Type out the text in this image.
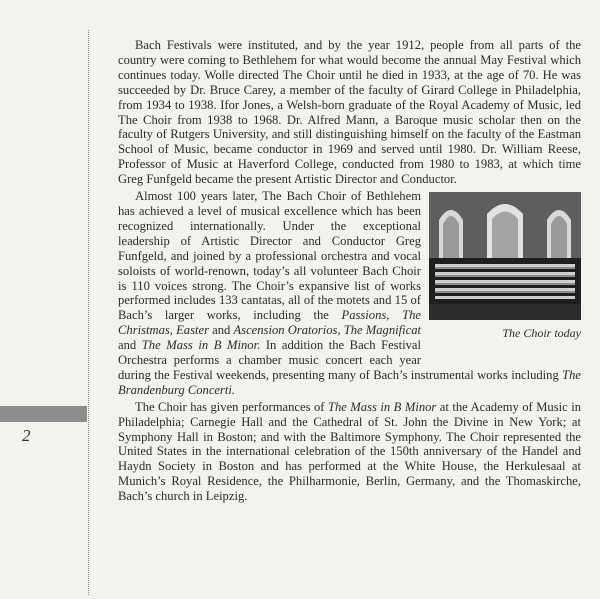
2

Bach Festivals were instituted, and by the year 1912, people from all parts of the country were coming to Bethlehem for what would become the annual May Festival which continues today. Wolle directed The Choir until he died in 1933, at the age of 70. He was succeeded by Dr. Bruce Carey, a member of the faculty of Girard College in Philadelphia, from 1934 to 1938. Ifor Jones, a Welsh-born graduate of the Royal Academy of Music, led The Choir from 1938 to 1968. Dr. Alfred Mann, a Baroque music scholar then on the faculty of Rutgers University, and still distinguishing himself on the faculty of the Eastman School of Music, became conductor in 1969 and served until 1980. Dr. William Reese, Professor of Music at Haverford College, conducted from 1980 to 1983, at which time Greg Funfgeld became the present Artistic Director and Conductor.

The Choir today
Almost 100 years later, The Bach Choir of Bethlehem has achieved a level of musical excellence which has been recognized internationally. Under the exceptional leadership of Artistic Director and Conductor Greg Funfgeld, and joined by a professional orchestra and vocal soloists of world-renown, today’s all volunteer Bach Choir is 110 voices strong. The Choir’s expansive list of works performed includes 133 cantatas, all of the motets and 15 of Bach’s larger works, including the Passions, The Christmas, Easter and Ascension Oratorios, The Magnificat and The Mass in B Minor. In addition the Bach Festival Orchestra performs a chamber music concert each year during the Festival weekends, presenting many of Bach’s instrumental works including The Brandenburg Concerti.

The Choir has given performances of The Mass in B Minor at the Academy of Music in Philadelphia; Carnegie Hall and the Cathedral of St. John the Divine in New York; at Symphony Hall in Boston; and with the Baltimore Symphony. The Choir represented the United States in the international celebration of the 150th anniversary of the Handel and Haydn Society in Boston and has performed at the White House, the Herkulesaal at Munich’s Royal Residence, the Philharmonie, Berlin, Germany, and the Thomaskirche, Bach’s church in Leipzig.
